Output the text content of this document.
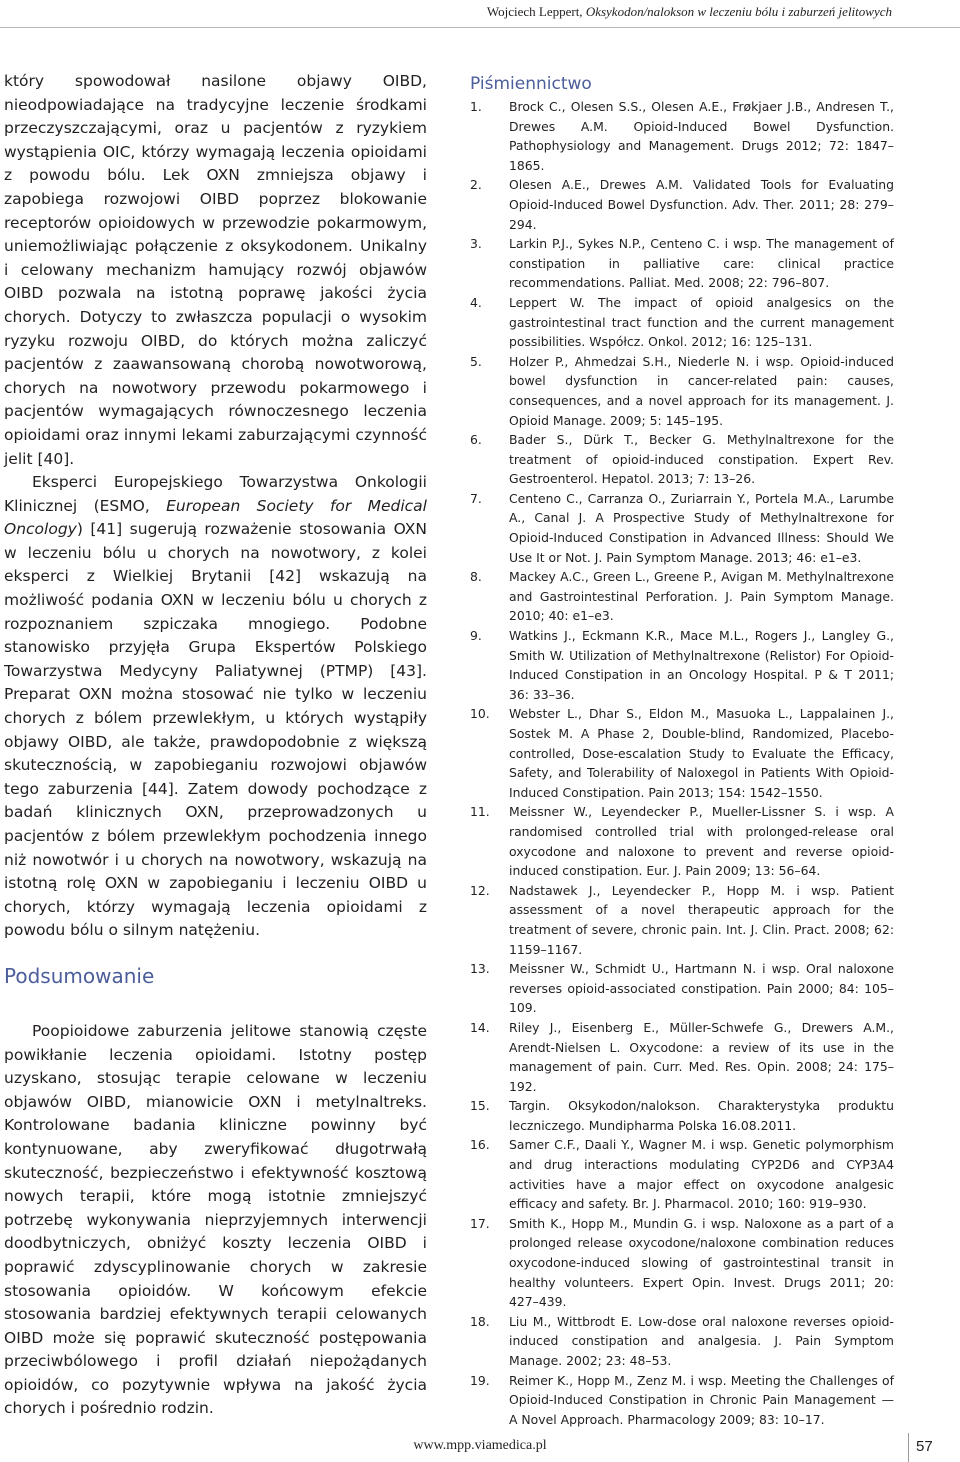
Wojciech Leppert, Oksykodon/nalokson w leczeniu bólu i zaburzeń jelitowych

który spowodował nasilone objawy OIBD, nieodpowiadające na tradycyjne leczenie środkami przeczyszczającymi, oraz u pacjentów z ryzykiem wystąpienia OIC, którzy wymagają leczenia opioidami z powodu bólu. Lek OXN zmniejsza objawy i zapobiega rozwojowi OIBD poprzez blokowanie receptorów opioidowych w przewodzie pokarmowym, uniemożliwiając połączenie z oksykodonem. Unikalny i celowany mechanizm hamujący rozwój objawów OIBD pozwala na istotną poprawę jakości życia chorych. Dotyczy to zwłaszcza populacji o wysokim ryzyku rozwoju OIBD, do których można zaliczyć pacjentów z zaawansowaną chorobą nowotworową, chorych na nowotwory przewodu pokarmowego i pacjentów wymagających równoczesnego leczenia opioidami oraz innymi lekami zaburzającymi czynność jelit [40].

Eksperci Europejskiego Towarzystwa Onkologii Klinicznej (ESMO, European Society for Medical Oncology) [41] sugerują rozważenie stosowania OXN w leczeniu bólu u chorych na nowotwory, z kolei eksperci z Wielkiej Brytanii [42] wskazują na możliwość podania OXN w leczeniu bólu u chorych z rozpoznaniem szpiczaka mnogiego. Podobne stanowisko przyjęła Grupa Ekspertów Polskiego Towarzystwa Medycyny Paliatywnej (PTMP) [43]. Preparat OXN można stosować nie tylko w leczeniu chorych z bólem przewlekłym, u których wystąpiły objawy OIBD, ale także, prawdopodobnie z większą skutecznością, w zapobieganiu rozwojowi objawów tego zaburzenia [44]. Zatem dowody pochodzące z badań klinicznych OXN, przeprowadzonych u pacjentów z bólem przewlekłym pochodzenia innego niż nowotwór i u chorych na nowotwory, wskazują na istotną rolę OXN w zapobieganiu i leczeniu OIBD u chorych, którzy wymagają leczenia opioidami z powodu bólu o silnym natężeniu.

Podsumowanie

Poopioidowe zaburzenia jelitowe stanowią częste powikłanie leczenia opioidami. Istotny postęp uzyskano, stosując terapie celowane w leczeniu objawów OIBD, mianowicie OXN i metylnaltreks. Kontrolowane badania kliniczne powinny być kontynuowane, aby zweryfikować długotrwałą skuteczność, bezpieczeństwo i efektywność kosztową nowych terapii, które mogą istotnie zmniejszyć potrzebę wykonywania nieprzyjemnych interwencji doodbytniczych, obniżyć koszty leczenia OIBD i poprawić zdyscyplinowanie chorych w zakresie stosowania opioidów. W końcowym efekcie stosowania bardziej efektywnych terapii celowanych OIBD może się poprawić skuteczność postępowania przeciwbólowego i profil działań niepożądanych opioidów, co pozytywnie wpływa na jakość życia chorych i pośrednio rodzin.

Piśmiennictwo
1. Brock C., Olesen S.S., Olesen A.E., Frøkjaer J.B., Andresen T., Drewes A.M. Opioid-Induced Bowel Dysfunction. Pathophysiology and Management. Drugs 2012; 72: 1847–1865.
2. Olesen A.E., Drewes A.M. Validated Tools for Evaluating Opioid-Induced Bowel Dysfunction. Adv. Ther. 2011; 28: 279–294.
3. Larkin P.J., Sykes N.P., Centeno C. i wsp. The management of constipation in palliative care: clinical practice recommendations. Palliat. Med. 2008; 22: 796–807.
4. Leppert W. The impact of opioid analgesics on the gastrointestinal tract function and the current management possibilities. Współcz. Onkol. 2012; 16: 125–131.
5. Holzer P., Ahmedzai S.H., Niederle N. i wsp. Opioid-induced bowel dysfunction in cancer-related pain: causes, consequences, and a novel approach for its management. J. Opioid Manage. 2009; 5: 145–195.
6. Bader S., Dürk T., Becker G. Methylnaltrexone for the treatment of opioid-induced constipation. Expert Rev. Gestroenterol. Hepatol. 2013; 7: 13–26.
7. Centeno C., Carranza O., Zuriarrain Y., Portela M.A., Larumbe A., Canal J. A Prospective Study of Methylnaltrexone for Opioid-Induced Constipation in Advanced Illness: Should We Use It or Not. J. Pain Symptom Manage. 2013; 46: e1–e3.
8. Mackey A.C., Green L., Greene P., Avigan M. Methylnaltrexone and Gastrointestinal Perforation. J. Pain Symptom Manage. 2010; 40: e1–e3.
9. Watkins J., Eckmann K.R., Mace M.L., Rogers J., Langley G., Smith W. Utilization of Methylnaltrexone (Relistor) For Opioid-Induced Constipation in an Oncology Hospital. P & T 2011; 36: 33–36.
10. Webster L., Dhar S., Eldon M., Masuoka L., Lappalainen J., Sostek M. A Phase 2, Double-blind, Randomized, Placebo-controlled, Dose-escalation Study to Evaluate the Efficacy, Safety, and Tolerability of Naloxegol in Patients With Opioid-Induced Constipation. Pain 2013; 154: 1542–1550.
11. Meissner W., Leyendecker P., Mueller-Lissner S. i wsp. A randomised controlled trial with prolonged-release oral oxycodone and naloxone to prevent and reverse opioid-induced constipation. Eur. J. Pain 2009; 13: 56–64.
12. Nadstawek J., Leyendecker P., Hopp M. i wsp. Patient assessment of a novel therapeutic approach for the treatment of severe, chronic pain. Int. J. Clin. Pract. 2008; 62: 1159–1167.
13. Meissner W., Schmidt U., Hartmann N. i wsp. Oral naloxone reverses opioid-associated constipation. Pain 2000; 84: 105–109.
14. Riley J., Eisenberg E., Müller-Schwefe G., Drewers A.M., Arendt-Nielsen L. Oxycodone: a review of its use in the management of pain. Curr. Med. Res. Opin. 2008; 24: 175–192.
15. Targin. Oksykodon/nalokson. Charakterystyka produktu leczniczego. Mundipharma Polska 16.08.2011.
16. Samer C.F., Daali Y., Wagner M. i wsp. Genetic polymorphism and drug interactions modulating CYP2D6 and CYP3A4 activities have a major effect on oxycodone analgesic efficacy and safety. Br. J. Pharmacol. 2010; 160: 919–930.
17. Smith K., Hopp M., Mundin G. i wsp. Naloxone as a part of a prolonged release oxycodone/naloxone combination reduces oxycodone-induced slowing of gastrointestinal transit in healthy volunteers. Expert Opin. Invest. Drugs 2011; 20: 427–439.
18. Liu M., Wittbrodt E. Low-dose oral naloxone reverses opioid-induced constipation and analgesia. J. Pain Symptom Manage. 2002; 23: 48–53.
19. Reimer K., Hopp M., Zenz M. i wsp. Meeting the Challenges of Opioid-Induced Constipation in Chronic Pain Management — A Novel Approach. Pharmacology 2009; 83: 10–17.
www.mpp.viamedica.pl	57
